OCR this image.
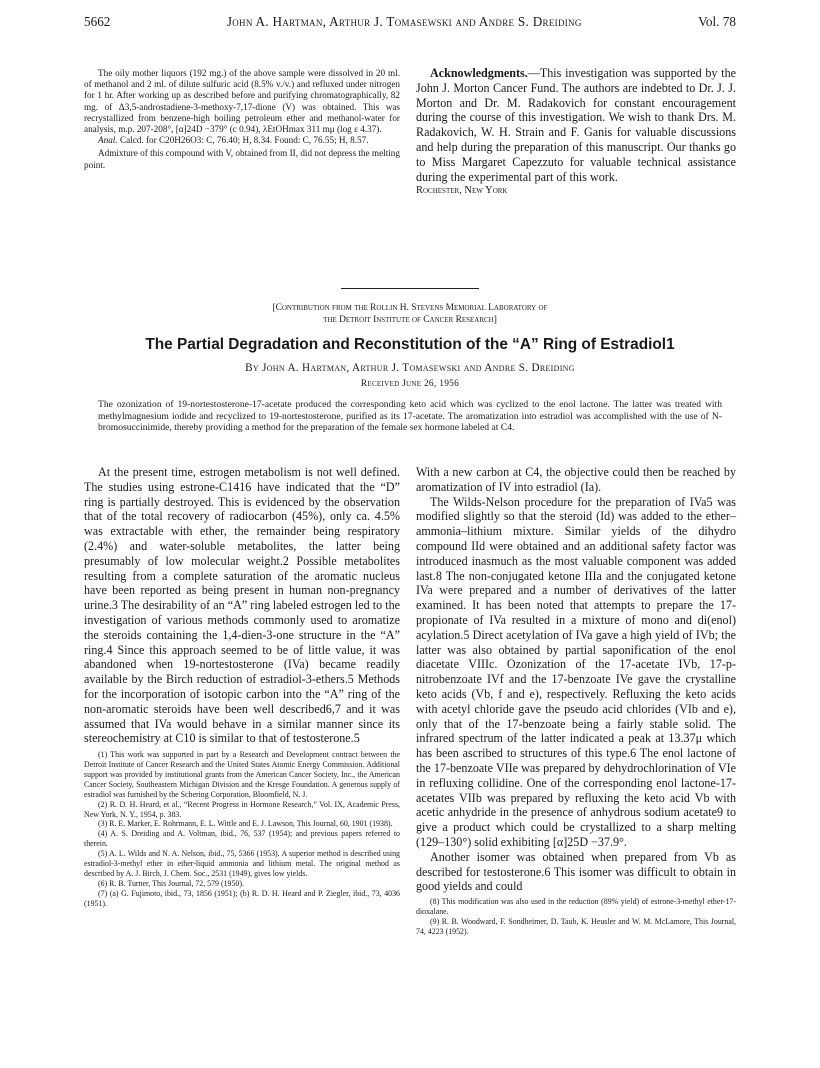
5662	John A. Hartman, Arthur J. Tomasewski and Andre S. Dreiding	Vol. 78

The oily mother liquors (192 mg.) of the above sample were dissolved in 20 ml. of methanol and 2 ml. of dilute sulfuric acid (8.5% v./v.) and refluxed under nitrogen for 1 hr. After working up as described before and purifying chromatographically, 82 mg. of Δ3,5-androstadiene-3-methoxy-7,17-dione (V) was obtained. This was recrystallized from benzene-high boiling petroleum ether and methanol-water for analysis, m.p. 207-208°, [α]24D −379° (c 0.94), λEtOHmax 311 mμ (log ε 4.37).

Anal. Calcd. for C20H26O3: C, 76.40; H, 8.34. Found: C, 76.55; H, 8.57.

Admixture of this compound with V, obtained from II, did not depress the melting point.

Acknowledgments.—This investigation was supported by the John J. Morton Cancer Fund. The authors are indebted to Dr. J. J. Morton and Dr. M. Radakovich for constant encouragement during the course of this investigation. We wish to thank Drs. M. Radakovich, W. H. Strain and F. Ganis for valuable discussions and help during the preparation of this manuscript. Our thanks go to Miss Margaret Capezzuto for valuable technical assistance during the experimental part of this work.

Rochester, New York

[Contribution from the Rollin H. Stevens Memorial Laboratory of
the Detroit Institute of Cancer Research]
The Partial Degradation and Reconstitution of the “A” Ring of Estradiol1
By John A. Hartman, Arthur J. Tomasewski and Andre S. Dreiding
Received June 26, 1956
The ozonization of 19-nortestosterone-17-acetate produced the corresponding keto acid which was cyclized to the enol lactone. The latter was treated with methylmagnesium iodide and recyclized to 19-nortestosterone, purified as its 17-acetate. The aromatization into estradiol was accomplished with the use of N-bromosuccinimide, thereby providing a method for the preparation of the female sex hormone labeled at C4.

At the present time, estrogen metabolism is not well defined. The studies using estrone-C1416 have indicated that the “D” ring is partially destroyed. This is evidenced by the observation that of the total recovery of radiocarbon (45%), only ca. 4.5% was extractable with ether, the remainder being respiratory (2.4%) and water-soluble metabolites, the latter being presumably of low molecular weight.2 Possible metabolites resulting from a complete saturation of the aromatic nucleus have been reported as being present in human non-pregnancy urine.3 The desirability of an “A” ring labeled estrogen led to the investigation of various methods commonly used to aromatize the steroids containing the 1,4-dien-3-one structure in the “A” ring.4 Since this approach seemed to be of little value, it was abandoned when 19-nortestosterone (IVa) became readily available by the Birch reduction of estradiol-3-ethers.5 Methods for the incorporation of isotopic carbon into the “A” ring of the non-aromatic steroids have been well described6,7 and it was assumed that IVa would behave in a similar manner since its stereochemistry at C10 is similar to that of testosterone.5

(1) This work was supported in part by a Research and Development contract between the Detroit Institute of Cancer Research and the United States Atomic Energy Commission. Additional support was provided by institutional grants from the American Cancer Society, Inc., the American Cancer Society, Southeastern Michigan Division and the Kresge Foundation. A generous supply of estradiol was furnished by the Schering Corporation, Bloomfield, N. J.

(2) R. D. H. Heard, et al., “Recent Progress in Hormone Research,” Vol. IX, Academic Press, New York, N. Y., 1954, p. 383.

(3) R. E. Marker, E. Rohrmann, E. L. Wittle and E. J. Lawson, This Journal, 60, 1901 (1938).

(4) A. S. Dreiding and A. Voltman, ibid., 76, 537 (1954); and previous papers referred to therein.

(5) A. L. Wilds and N. A. Nelson, ibid., 75, 5366 (1953). A superior method is described using estradiol-3-methyl ether in ether-liquid ammonia and lithium metal. The original method as described by A. J. Birch, J. Chem. Soc., 2531 (1949), gives low yields.

(6) R. B. Turner, This Journal, 72, 579 (1950).

(7) (a) G. Fujimoto, ibid., 73, 1856 (1951); (b) R. D. H. Heard and P. Ziegler, ibid., 73, 4036 (1951).

With a new carbon at C4, the objective could then be reached by aromatization of IV into estradiol (Ia).

The Wilds-Nelson procedure for the preparation of IVa5 was modified slightly so that the steroid (Id) was added to the ether–ammonia–lithium mixture. Similar yields of the dihydro compound IId were obtained and an additional safety factor was introduced inasmuch as the most valuable component was added last.8 The non-conjugated ketone IIIa and the conjugated ketone IVa were prepared and a number of derivatives of the latter examined. It has been noted that attempts to prepare the 17-propionate of IVa resulted in a mixture of mono and di(enol) acylation.5 Direct acetylation of IVa gave a high yield of IVb; the latter was also obtained by partial saponification of the enol diacetate VIIIc. Ozonization of the 17-acetate IVb, 17-p-nitrobenzoate IVf and the 17-benzoate IVe gave the crystalline keto acids (Vb, f and e), respectively. Refluxing the keto acids with acetyl chloride gave the pseudo acid chlorides (VIb and e), only that of the 17-benzoate being a fairly stable solid. The infrared spectrum of the latter indicated a peak at 13.37μ which has been ascribed to structures of this type.6 The enol lactone of the 17-benzoate VIIe was prepared by dehydrochlorination of VIe in refluxing collidine. One of the corresponding enol lactone-17-acetates VIIb was prepared by refluxing the keto acid Vb with acetic anhydride in the presence of anhydrous sodium acetate9 to give a product which could be crystallized to a sharp melting (129–130°) solid exhibiting [α]25D −37.9°.

Another isomer was obtained when prepared from Vb as described for testosterone.6 This isomer was difficult to obtain in good yields and could

(8) This modification was also used in the reduction (89% yield) of estrone-3-methyl ether-17-dioxalane.

(9) R. B. Woodward, F. Sondheimer, D. Taub, K. Heusler and W. M. McLamore, This Journal, 74, 4223 (1952).
